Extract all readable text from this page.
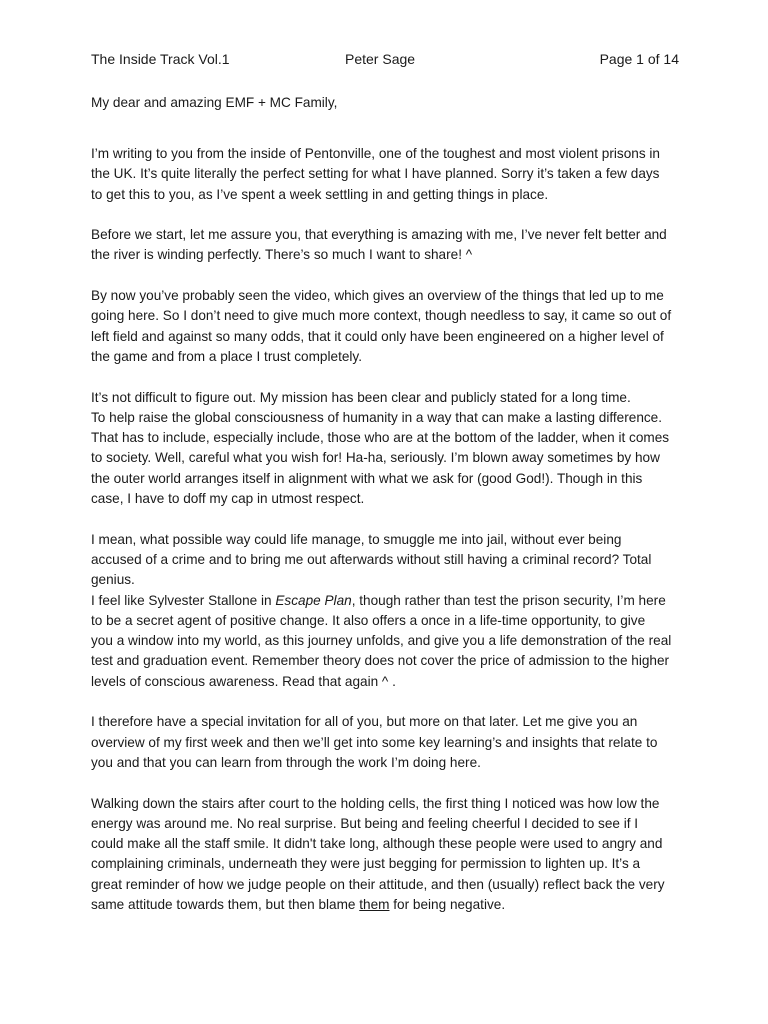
The Inside Track Vol.1	Peter Sage	Page 1 of 14
My dear and amazing EMF + MC Family,

I’m writing to you from the inside of Pentonville, one of the toughest and most violent prisons in
the UK. It’s quite literally the perfect setting for what I have planned. Sorry it’s taken a few days
to get this to you, as I’ve spent a week settling in and getting things in place.

Before we start, let me assure you, that everything is amazing with me, I’ve never felt better and
the river is winding perfectly. There’s so much I want to share! ^

By now you’ve probably seen the video, which gives an overview of the things that led up to me
going here. So I don’t need to give much more context, though needless to say, it came so out of
left field and against so many odds, that it could only have been engineered on a higher level of
the game and from a place I trust completely.

It’s not difficult to figure out. My mission has been clear and publicly stated for a long time.
To help raise the global consciousness of humanity in a way that can make a lasting difference.
That has to include, especially include, those who are at the bottom of the ladder, when it comes
to society. Well, careful what you wish for! Ha-ha, seriously. I’m blown away sometimes by how
the outer world arranges itself in alignment with what we ask for (good God!). Though in this
case, I have to doff my cap in utmost respect.

I mean, what possible way could life manage, to smuggle me into jail, without ever being
accused of a crime and to bring me out afterwards without still having a criminal record? Total
genius.
I feel like Sylvester Stallone in Escape Plan, though rather than test the prison security, I’m here
to be a secret agent of positive change. It also offers a once in a life-time opportunity, to give
you a window into my world, as this journey unfolds, and give you a life demonstration of the real
test and graduation event. Remember theory does not cover the price of admission to the higher
levels of conscious awareness. Read that again ^ .

I therefore have a special invitation for all of you, but more on that later. Let me give you an
overview of my first week and then we’ll get into some key learning’s and insights that relate to
you and that you can learn from through the work I’m doing here.

Walking down the stairs after court to the holding cells, the first thing I noticed was how low the
energy was around me. No real surprise. But being and feeling cheerful I decided to see if I
could make all the staff smile. It didn't take long, although these people were used to angry and
complaining criminals, underneath they were just begging for permission to lighten up. It’s a
great reminder of how we judge people on their attitude, and then (usually) reflect back the very
same attitude towards them, but then blame them for being negative.
